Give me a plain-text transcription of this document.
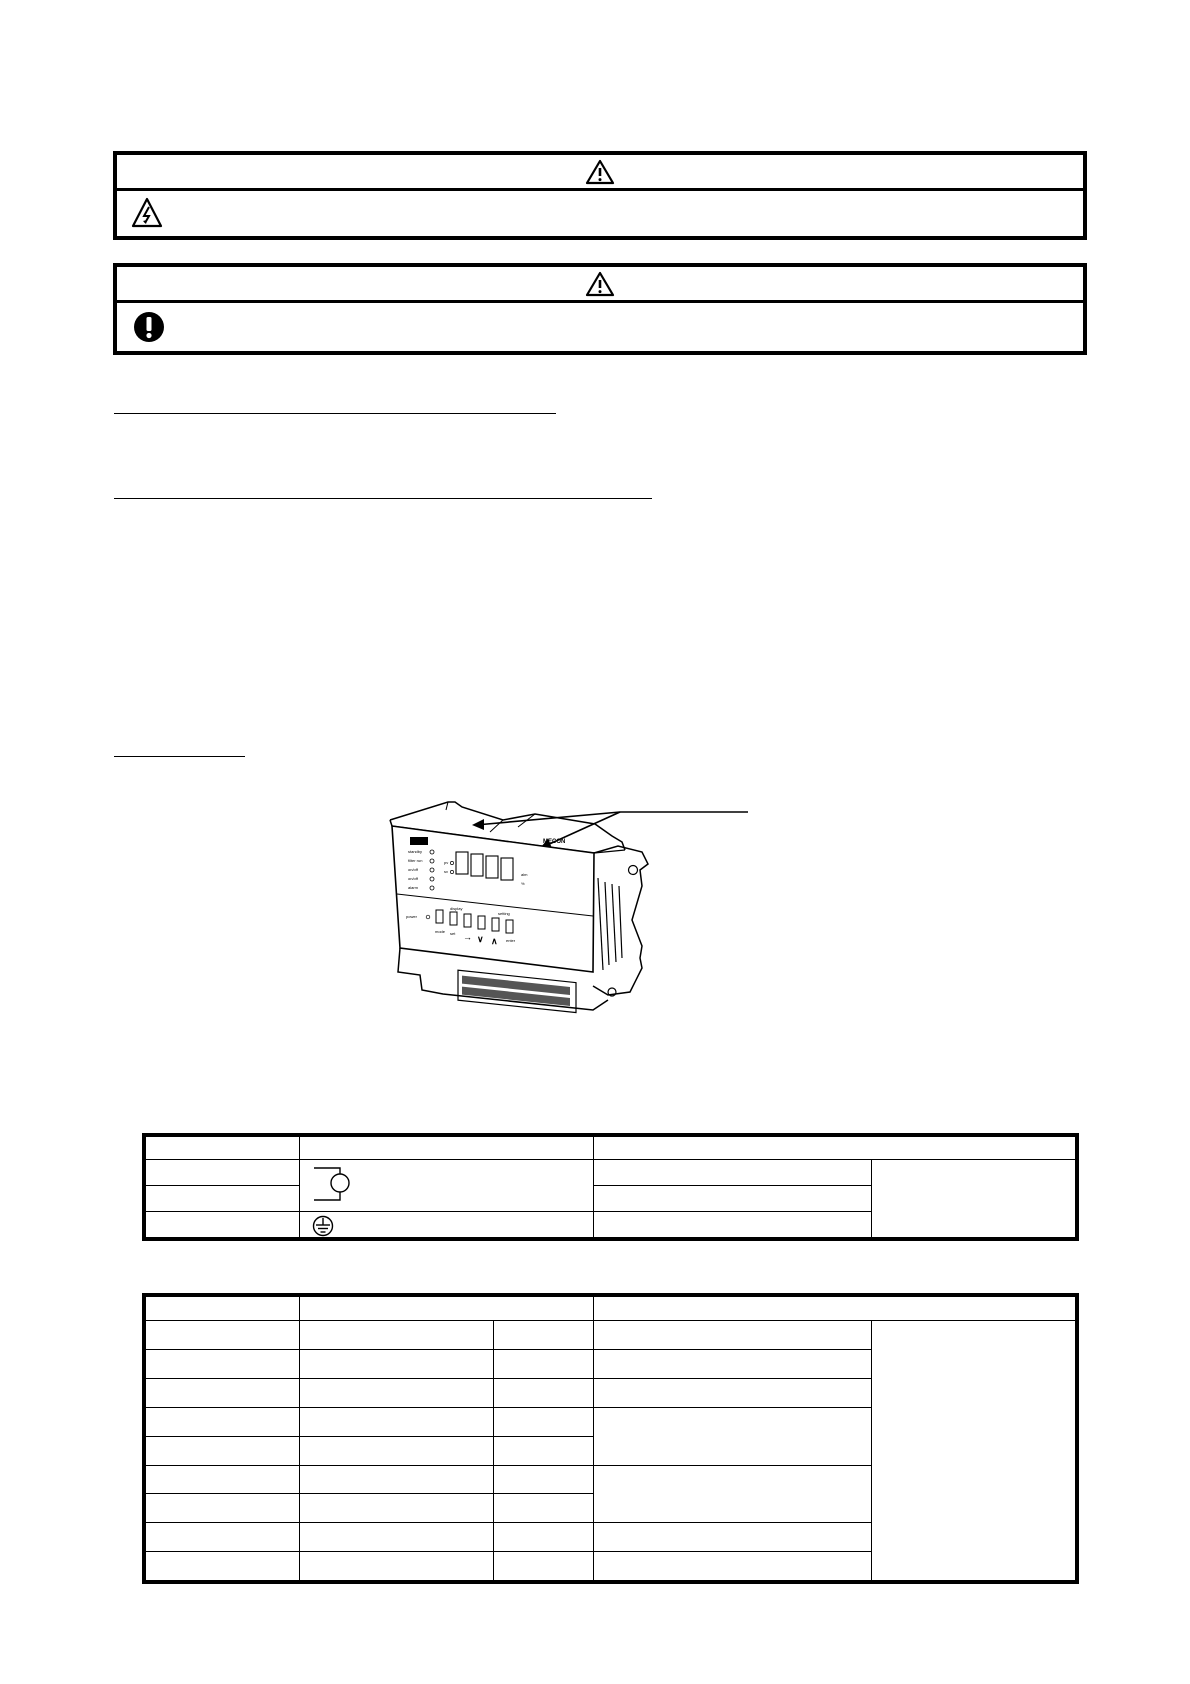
standby
filter run
on/off
on/off
alarm
pv
sv
alm
%
MECON
display
setting
power
mode set → ∨ ∧ enter
